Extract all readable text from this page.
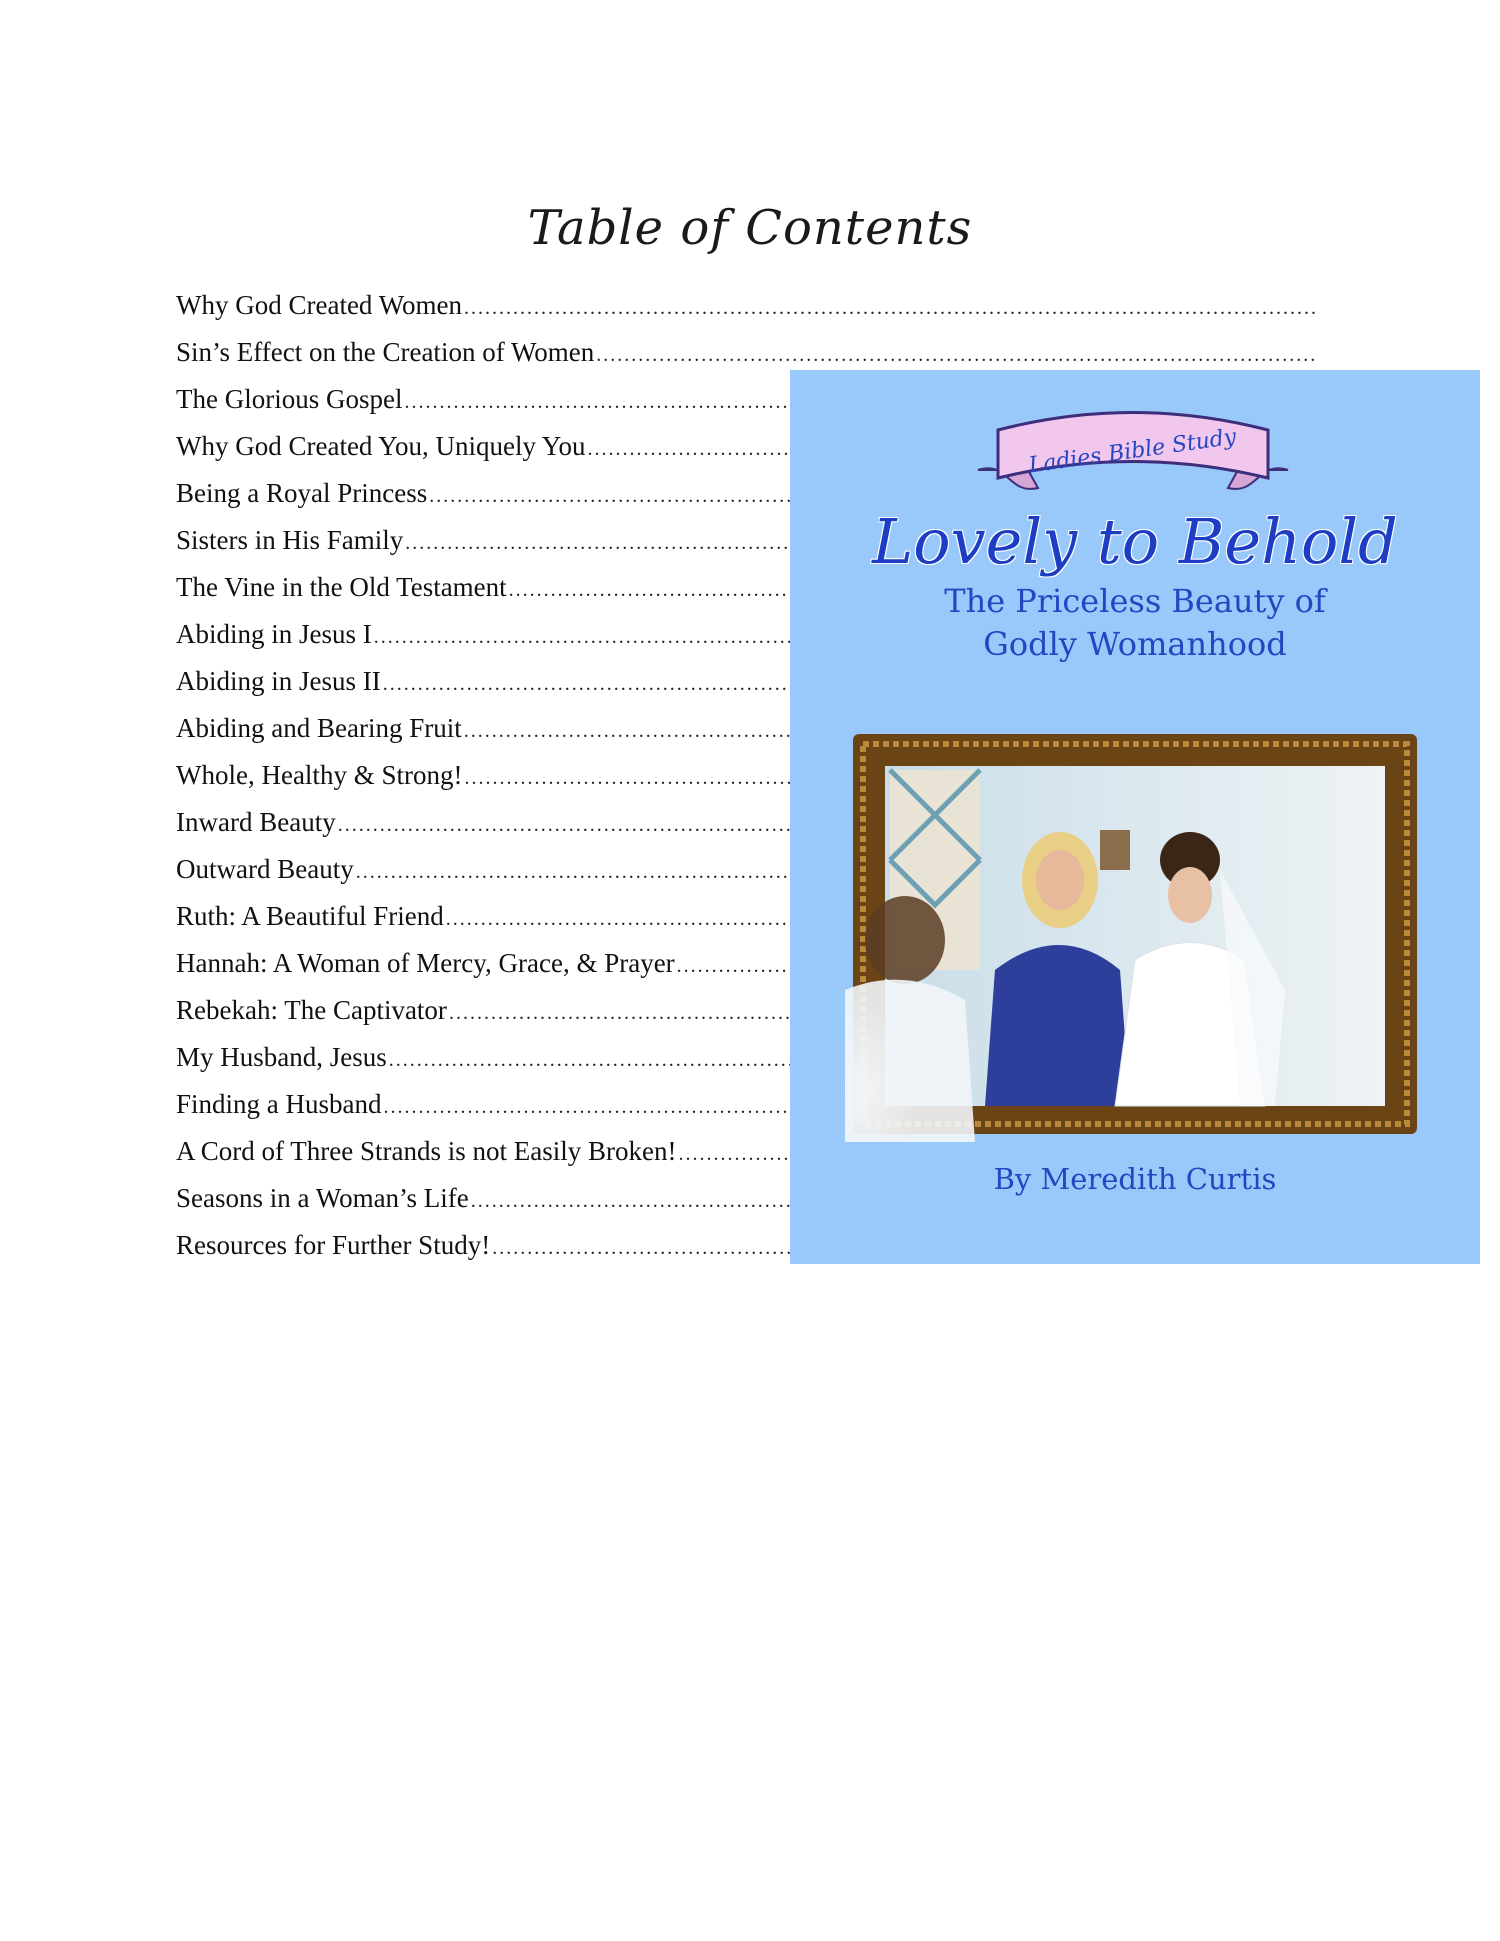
Table of Contents
Why God Created Women
.....
Sin’s Effect on the Creation of Women
.....
The Glorious Gospel
.....
Why God Created You, Uniquely You
.....
Being a Royal Princess
.....
Sisters in His Family
.....
The Vine in the Old Testament
.....
Abiding in Jesus I
.....
Abiding in Jesus II
.....
Abiding and Bearing Fruit
.....
Whole, Healthy & Strong!
.....
Inward Beauty
.....
Outward Beauty
.....
Ruth: A Beautiful Friend
.....
Hannah: A Woman of Mercy, Grace, & Prayer
.....
Rebekah: The Captivator
.....
My Husband, Jesus
.....
Finding a Husband
.....
A Cord of Three Strands is not Easily Broken!
.....
Seasons in a Woman’s Life
.....
Resources for Further Study!
.....
Ladies Bible Study
Lovely to Behold
The Priceless Beauty of Godly Womanhood
By Meredith Curtis
